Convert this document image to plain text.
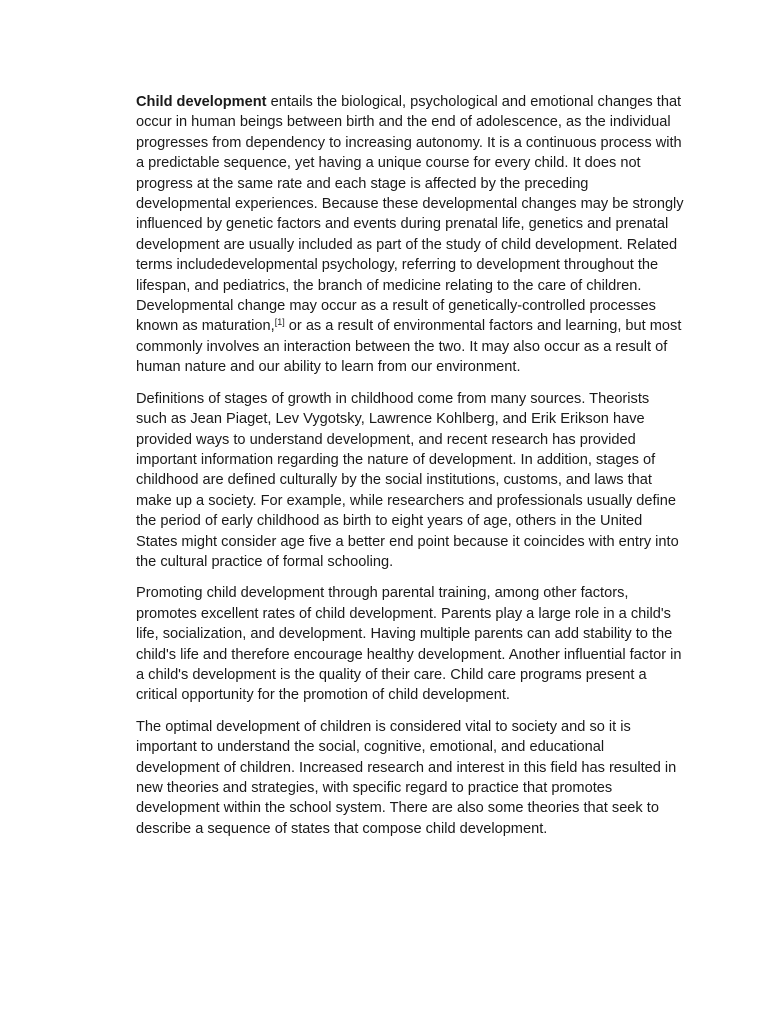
Child development entails the biological, psychological and emotional changes that occur in human beings between birth and the end of adolescence, as the individual progresses from dependency to increasing autonomy. It is a continuous process with a predictable sequence, yet having a unique course for every child. It does not progress at the same rate and each stage is affected by the preceding developmental experiences. Because these developmental changes may be strongly influenced by genetic factors and events during prenatal life, genetics and prenatal development are usually included as part of the study of child development. Related terms includedevelopmental psychology, referring to development throughout the lifespan, and pediatrics, the branch of medicine relating to the care of children. Developmental change may occur as a result of genetically-controlled processes known as maturation,[1] or as a result of environmental factors and learning, but most commonly involves an interaction between the two. It may also occur as a result of human nature and our ability to learn from our environment.

Definitions of stages of growth in childhood come from many sources. Theorists such as Jean Piaget, Lev Vygotsky, Lawrence Kohlberg, and Erik Erikson have provided ways to understand development, and recent research has provided important information regarding the nature of development. In addition, stages of childhood are defined culturally by the social institutions, customs, and laws that make up a society. For example, while researchers and professionals usually define the period of early childhood as birth to eight years of age, others in the United States might consider age five a better end point because it coincides with entry into the cultural practice of formal schooling.

Promoting child development through parental training, among other factors, promotes excellent rates of child development. Parents play a large role in a child's life, socialization, and development. Having multiple parents can add stability to the child's life and therefore encourage healthy development. Another influential factor in a child's development is the quality of their care. Child care programs present a critical opportunity for the promotion of child development.

The optimal development of children is considered vital to society and so it is important to understand the social, cognitive, emotional, and educational development of children. Increased research and interest in this field has resulted in new theories and strategies, with specific regard to practice that promotes development within the school system. There are also some theories that seek to describe a sequence of states that compose child development.
